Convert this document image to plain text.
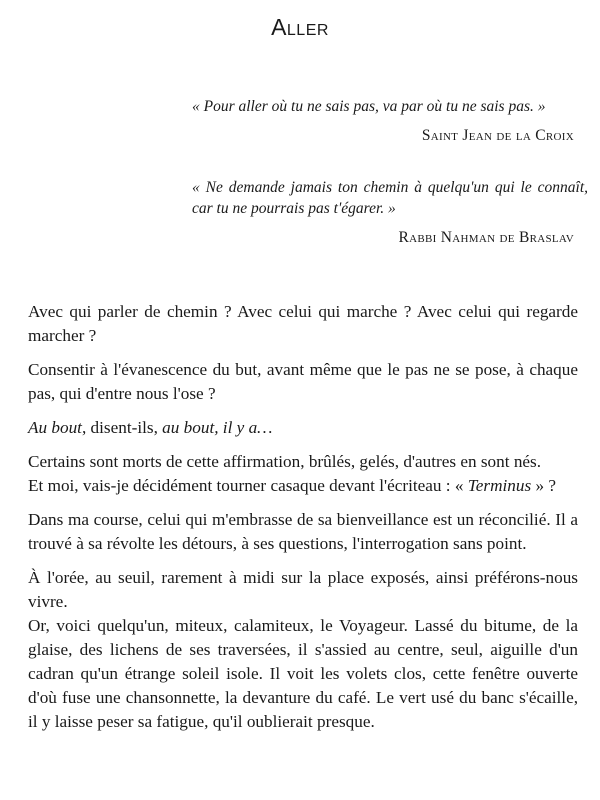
Aller

« Pour aller où tu ne sais pas, va par où tu ne sais pas. »

Saint Jean de la Croix

« Ne demande jamais ton chemin à quelqu'un qui le connaît, car tu ne pourrais pas t'égarer. »

Rabbi Nahman de Braslav

Avec qui parler de chemin ? Avec celui qui marche ? Avec celui qui regarde marcher ?

Consentir à l'évanescence du but, avant même que le pas ne se pose, à chaque pas, qui d'entre nous l'ose ?

Au bout, disent-ils, au bout, il y a…

Certains sont morts de cette affirmation, brûlés, gelés, d'autres en sont nés.

Et moi, vais-je décidément tourner casaque devant l'écriteau : « Terminus » ?

Dans ma course, celui qui m'embrasse de sa bienveillance est un réconcilié. Il a trouvé à sa révolte les détours, à ses questions, l'interrogation sans point.

À l'orée, au seuil, rarement à midi sur la place exposés, ainsi préférons-nous vivre.

Or, voici quelqu'un, miteux, calamiteux, le Voyageur. Lassé du bitume, de la glaise, des lichens de ses traversées, il s'assied au centre, seul, aiguille d'un cadran qu'un étrange soleil isole. Il voit les volets clos, cette fenêtre ouverte d'où fuse une chansonnette, la devanture du café. Le vert usé du banc s'écaille, il y laisse peser sa fatigue, qu'il oublierait presque.
